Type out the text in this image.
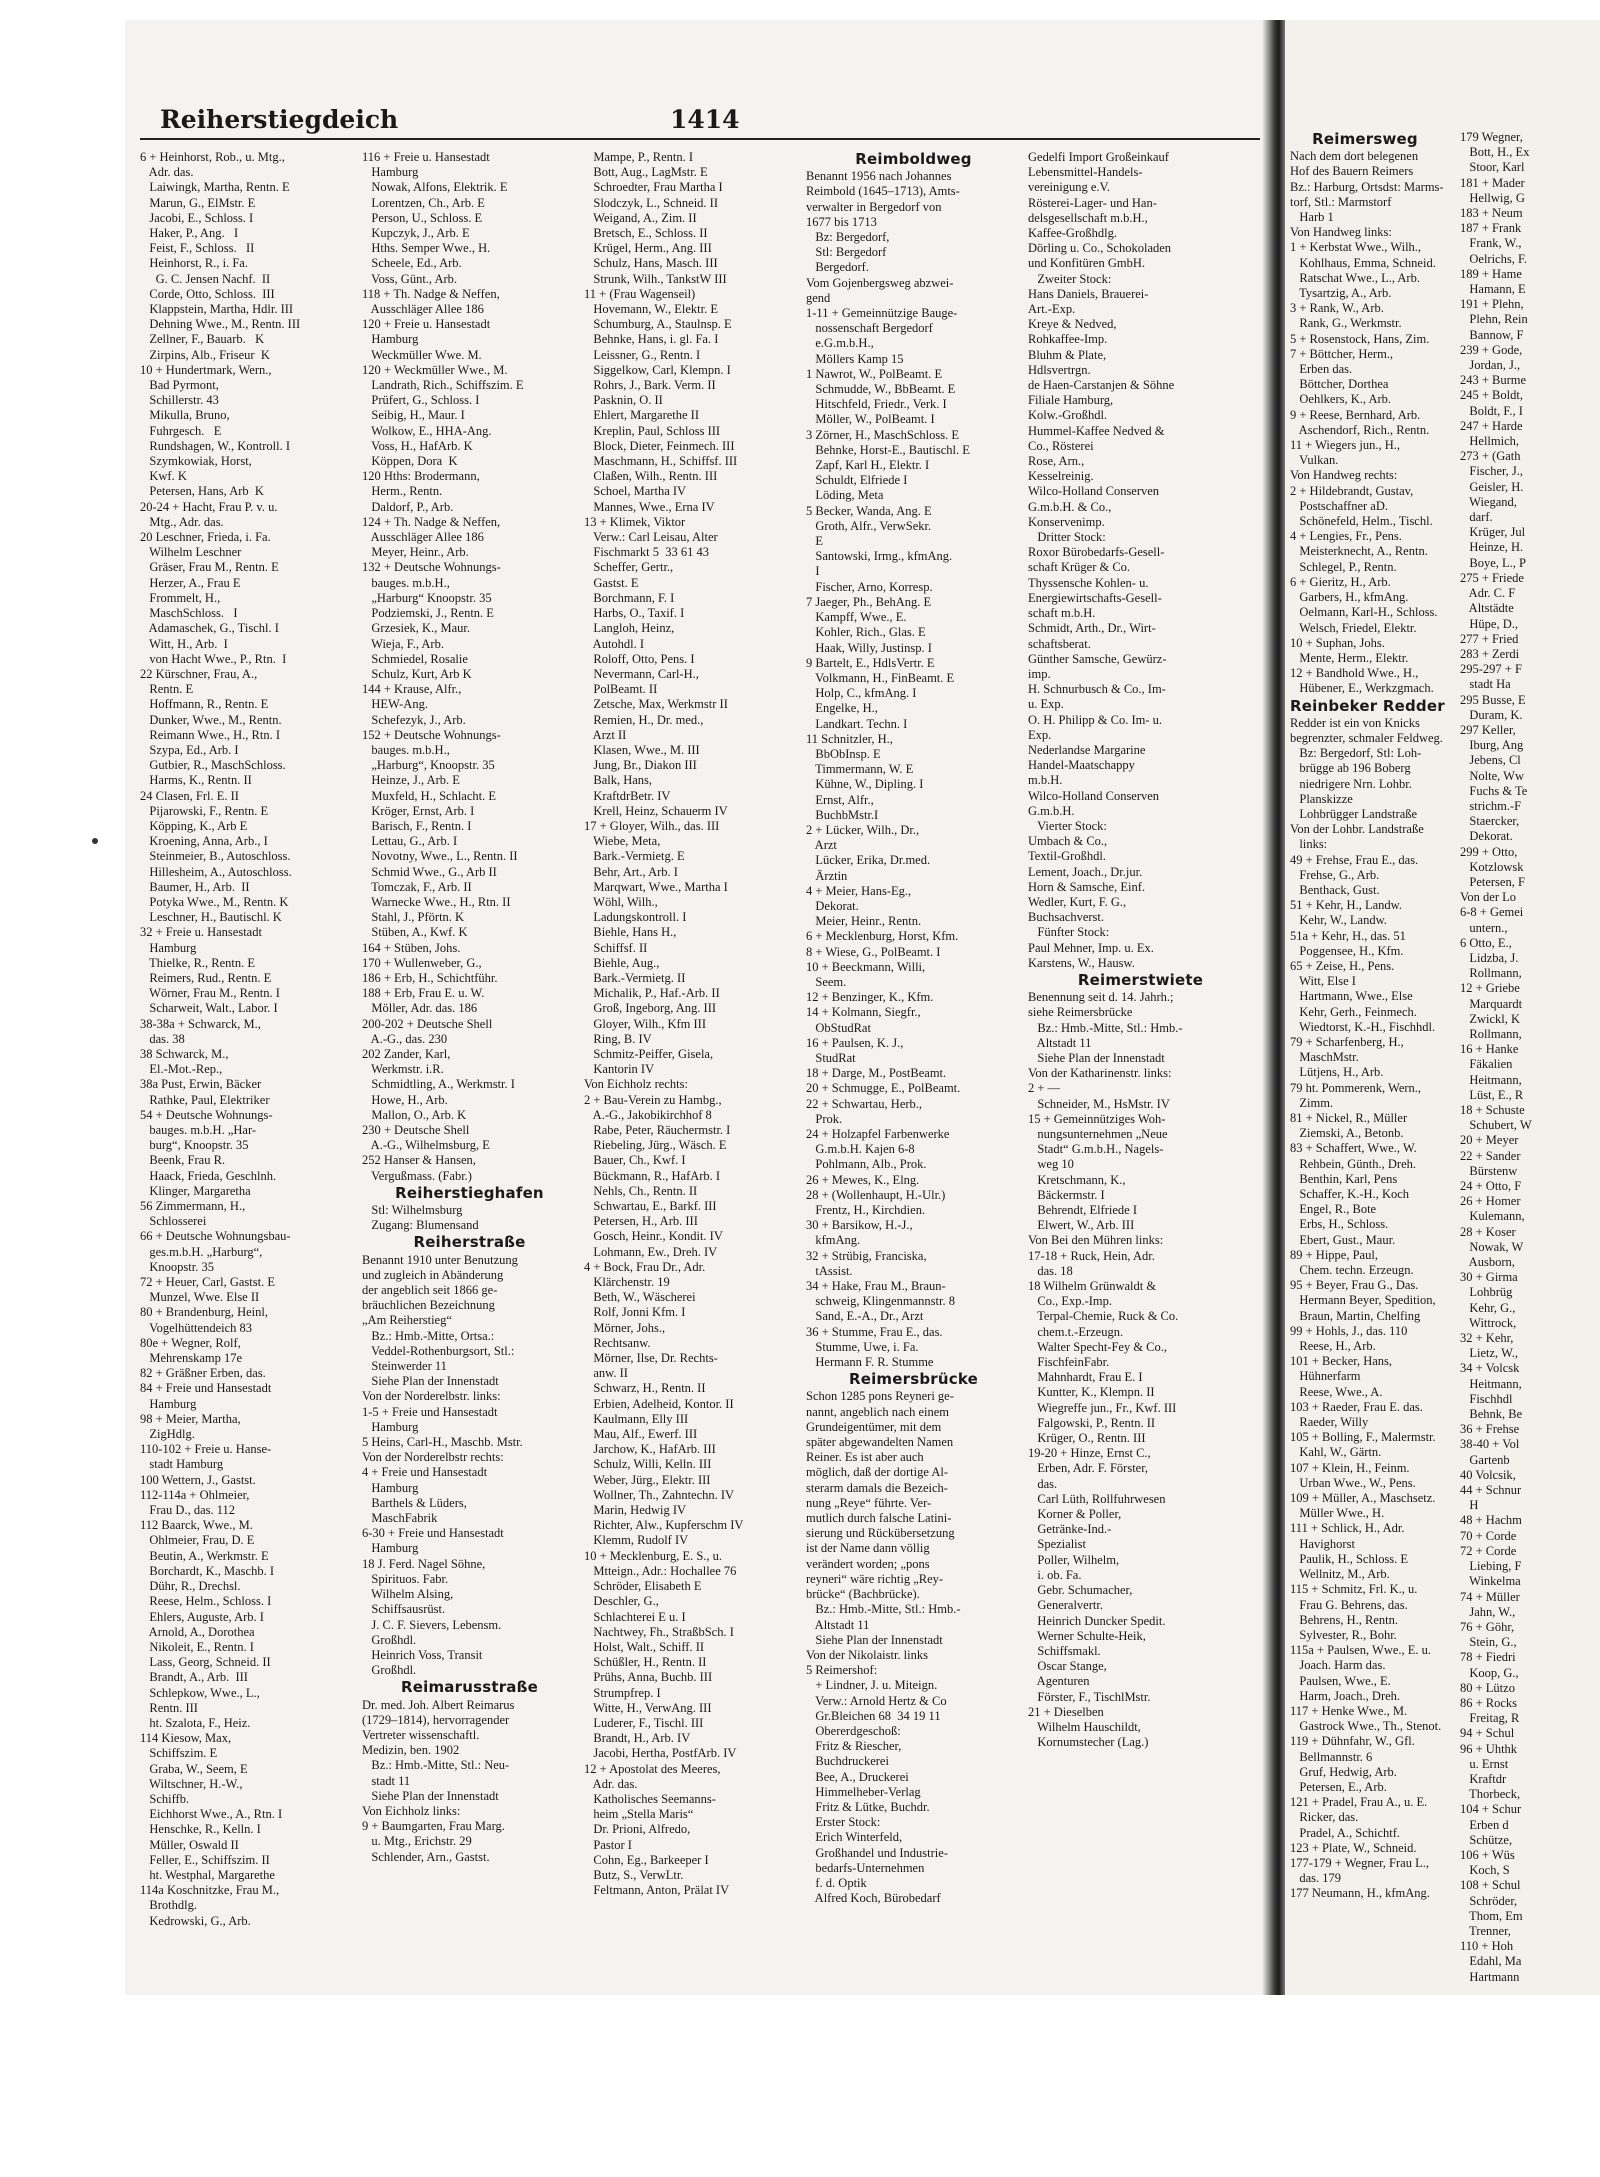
Reiherstiegdeich	1414
6 + Heinhorst, Rob., u. Mtg.,
Adr. das.
Laiwingk, Martha, Rentn. E
Marun, G., ElMstr. E
Jacobi, E., Schloss. I
Haker, P., Ang.   I
Feist, F., Schloss.   II
Heinhorst, R., i. Fa.
G. C. Jensen Nachf.  II
Corde, Otto, Schloss.  III
Klappstein, Martha, Hdlr. III
Dehning Wwe., M., Rentn. III
Zellner, F., Bauarb.   K
Zirpins, Alb., Friseur  K
10 + Hundertmark, Wern.,
Bad Pyrmont,
Schillerstr. 43
Mikulla, Bruno,
Fuhrgesch.   E
Rundshagen, W., Kontroll. I
Szymkowiak, Horst,
Kwf. K
Petersen, Hans, Arb  K
20-24 + Hacht, Frau P. v. u.
Mtg., Adr. das.
20 Leschner, Frieda, i. Fa.
Wilhelm Leschner
Gräser, Frau M., Rentn. E
Herzer, A., Frau E
Frommelt, H.,
MaschSchloss.   I
Adamaschek, G., Tischl. I
Witt, H., Arb.  I
von Hacht Wwe., P., Rtn.  I
22 Kürschner, Frau, A.,
Rentn. E
Hoffmann, R., Rentn. E
Dunker, Wwe., M., Rentn.
Reimann Wwe., H., Rtn. I
Szypa, Ed., Arb. I
Gutbier, R., MaschSchloss.
Harms, K., Rentn. II
24 Clasen, Frl. E. II
Pijarowski, F., Rentn. E
Köpping, K., Arb E
Kroening, Anna, Arb., I
Steinmeier, B., Autoschloss.
Hillesheim, A., Autoschloss.
Baumer, H., Arb.  II
Potyka Wwe., M., Rentn. K
Leschner, H., Bautischl. K
32 + Freie u. Hansestadt
Hamburg
Thielke, R., Rentn. E
Reimers, Rud., Rentn. E
Wörner, Frau M., Rentn. I
Scharweit, Walt., Labor. I
38-38a + Schwarck, M.,
das. 38
38 Schwarck, M.,
El.-Mot.-Rep.,
38a Pust, Erwin, Bäcker
Rathke, Paul, Elektriker
54 + Deutsche Wohnungs-
bauges. m.b.H. „Har-
burg“, Knoopstr. 35
Beenk, Frau R.
Haack, Frieda, Geschlnh.
Klinger, Margaretha
56 Zimmermann, H.,
Schlosserei
66 + Deutsche Wohnungsbau-
ges.m.b.H. „Harburg“,
Knoopstr. 35
72 + Heuer, Carl, Gastst. E
Munzel, Wwe. Else II
80 + Brandenburg, Heinl,
Vogelhüttendeich 83
80e + Wegner, Rolf,
Mehrenskamp 17e
82 + Gräßner Erben, das.
84 + Freie und Hansestadt
Hamburg
98 + Meier, Martha,
ZigHdlg.
110-102 + Freie u. Hanse-
stadt Hamburg
100 Wettern, J., Gastst.
112-114a + Ohlmeier,
Frau D., das. 112
112 Baarck, Wwe., M.
Ohlmeier, Frau, D. E
Beutin, A., Werkmstr. E
Borchardt, K., Maschb. I
Dühr, R., Drechsl.
Reese, Helm., Schloss. I
Ehlers, Auguste, Arb. I
Arnold, A., Dorothea
Nikoleit, E., Rentn. I
Lass, Georg, Schneid. II
Brandt, A., Arb.  III
Schlepkow, Wwe., L.,
Rentn. III
ht. Szalota, F., Heiz.
114 Kiesow, Max,
Schiffszim. E
Graba, W., Seem, E
Wiltschner, H.-W.,
Schiffb.
Eichhorst Wwe., A., Rtn. I
Henschke, R., Kelln. I
Müller, Oswald II
Feller, E., Schiffszim. II
ht. Westphal, Margarethe
114a Koschnitzke, Frau M.,
Brothdlg.
Kedrowski, G., Arb.
116 + Freie u. Hansestadt
Hamburg
Nowak, Alfons, Elektrik. E
Lorentzen, Ch., Arb. E
Person, U., Schloss. E
Kupczyk, J., Arb. E
Hths. Semper Wwe., H.
Scheele, Ed., Arb.
Voss, Günt., Arb.
118 + Th. Nadge & Neffen,
Ausschläger Allee 186
120 + Freie u. Hansestadt
Hamburg
Weckmüller Wwe. M.
120 + Weckmüller Wwe., M.
Landrath, Rich., Schiffszim. E
Prüfert, G., Schloss. I
Seibig, H., Maur. I
Wolkow, E., HHA-Ang.
Voss, H., HafArb. K
Köppen, Dora  K
120 Hths: Brodermann,
Herm., Rentn.
Daldorf, P., Arb.
124 + Th. Nadge & Neffen,
Ausschläger Allee 186
Meyer, Heinr., Arb.
132 + Deutsche Wohnungs-
bauges. m.b.H.,
„Harburg“ Knoopstr. 35
Podziemski, J., Rentn. E
Grzesiek, K., Maur.
Wieja, F., Arb.
Schmiedel, Rosalie
Schulz, Kurt, Arb K
144 + Krause, Alfr.,
HEW-Ang.
Schefezyk, J., Arb.
152 + Deutsche Wohnungs-
bauges. m.b.H.,
„Harburg“, Knoopstr. 35
Heinze, J., Arb. E
Muxfeld, H., Schlacht. E
Kröger, Ernst, Arb. I
Barisch, F., Rentn. I
Lettau, G., Arb. I
Novotny, Wwe., L., Rentn. II
Schmid Wwe., G., Arb II
Tomczak, F., Arb. II
Warnecke Wwe., H., Rtn. II
Stahl, J., Pförtn. K
Stüben, A., Kwf. K
164 + Stüben, Johs.
170 + Wullenweber, G.,
186 + Erb, H., Schichtführ.
188 + Erb, Frau E. u. W.
Möller, Adr. das. 186
200-202 + Deutsche Shell
A.-G., das. 230
202 Zander, Karl,
Werkmstr. i.R.
Schmidtling, A., Werkmstr. I
Howe, H., Arb.
Mallon, O., Arb. K
230 + Deutsche Shell
A.-G., Wilhelmsburg, E
252 Hanser & Hansen,
Vergußmass. (Fabr.)
Reiherstieghafen
Stl: Wilhelmsburg
Zugang: Blumensand
Reiherstraße
Benannt 1910 unter Benutzung
und zugleich in Abänderung
der angeblich seit 1866 ge-
bräuchlichen Bezeichnung
„Am Reiherstieg“
Bz.: Hmb.-Mitte, Ortsa.:
Veddel-Rothenburgsort, Stl.:
Steinwerder 11
Siehe Plan der Innenstadt
Von der Norderelbstr. links:
1-5 + Freie und Hansestadt
Hamburg
5 Heins, Carl-H., Maschb. Mstr.
Von der Norderelbstr rechts:
4 + Freie und Hansestadt
Hamburg
Barthels & Lüders,
MaschFabrik
6-30 + Freie und Hansestadt
Hamburg
18 J. Ferd. Nagel Söhne,
Spirituos. Fabr.
Wilhelm Alsing,
Schiffsausrüst.
J. C. F. Sievers, Lebensm.
Großhdl.
Heinrich Voss, Transit
Großhdl.
Reimarusstraße
Dr. med. Joh. Albert Reimarus
(1729–1814), hervorragender
Vertreter wissenschaftl.
Medizin, ben. 1902
Bz.: Hmb.-Mitte, Stl.: Neu-
stadt 11
Siehe Plan der Innenstadt
Von Eichholz links:
9 + Baumgarten, Frau Marg.
u. Mtg., Erichstr. 29
Schlender, Arn., Gastst.
Mampe, P., Rentn. I
Bott, Aug., LagMstr. E
Schroedter, Frau Martha I
Slodczyk, L., Schneid. II
Weigand, A., Zim. II
Bretsch, E., Schloss. II
Krügel, Herm., Ang. III
Schulz, Hans, Masch. III
Strunk, Wilh., TankstW III
11 + (Frau Wagenseil)
Hovemann, W., Elektr. E
Schumburg, A., Staulnsp. E
Behnke, Hans, i. gl. Fa. I
Leissner, G., Rentn. I
Siggelkow, Carl, Klempn. I
Rohrs, J., Bark. Verm. II
Pasknin, O. II
Ehlert, Margarethe II
Kreplin, Paul, Schloss III
Block, Dieter, Feinmech. III
Maschmann, H., Schiffsf. III
Claßen, Wilh., Rentn. III
Schoel, Martha IV
Mannes, Wwe., Erna IV
13 + Klimek, Viktor
Verw.: Carl Leisau, Alter
Fischmarkt 5  33 61 43
Scheffer, Gertr.,
Gastst. E
Borchmann, F. I
Harbs, O., Taxif. I
Langloh, Heinz,
Autohdl. I
Roloff, Otto, Pens. I
Nevermann, Carl-H.,
PolBeamt. II
Zetsche, Max, Werkmstr II
Remien, H., Dr. med.,
Arzt II
Klasen, Wwe., M. III
Jung, Br., Diakon III
Balk, Hans,
KraftdrBetr. IV
Krell, Heinz, Schauerm IV
17 + Gloyer, Wilh., das. III
Wiebe, Meta,
Bark.-Vermietg. E
Behr, Art., Arb. I
Marqwart, Wwe., Martha I
Wöhl, Wilh.,
Ladungskontroll. I
Biehle, Hans H.,
Schiffsf. II
Biehle, Aug.,
Bark.-Vermietg. II
Michalik, P., Haf.-Arb. II
Groß, Ingeborg, Ang. III
Gloyer, Wilh., Kfm III
Ring, B. IV
Schmitz-Peiffer, Gisela,
Kantorin IV
Von Eichholz rechts:
2 + Bau-Verein zu Hambg.,
A.-G., Jakobikirchhof 8
Rabe, Peter, Räuchermstr. I
Riebeling, Jürg., Wäsch. E
Bauer, Ch., Kwf. I
Bückmann, R., HafArb. I
Nehls, Ch., Rentn. II
Schwartau, E., Barkf. III
Petersen, H., Arb. III
Gosch, Heinr., Kondit. IV
Lohmann, Ew., Dreh. IV
4 + Bock, Frau Dr., Adr.
Klärchenstr. 19
Beth, W., Wäscherei
Rolf, Jonni Kfm. I
Mörner, Johs.,
Rechtsanw.
Mörner, Ilse, Dr. Rechts-
anw. II
Schwarz, H., Rentn. II
Erbien, Adelheid, Kontor. II
Kaulmann, Elly III
Mau, Alf., Ewerf. III
Jarchow, K., HafArb. III
Schulz, Willi, Kelln. III
Weber, Jürg., Elektr. III
Wollner, Th., Zahntechn. IV
Marin, Hedwig IV
Richter, Alw., Kupferschm IV
Klemm, Rudolf IV
10 + Mecklenburg, E. S., u.
Mtteign., Adr.: Hochallee 76
Schröder, Elisabeth E
Deschler, G.,
Schlachterei E u. I
Nachtwey, Fh., StraßbSch. I
Holst, Walt., Schiff. II
Schüßler, H., Rentn. II
Prühs, Anna, Buchb. III
Strumpfrep. I
Witte, H., VerwAng. III
Luderer, F., Tischl. III
Brandt, H., Arb. IV
Jacobi, Hertha, PostfArb. IV
12 + Apostolat des Meeres,
Adr. das.
Katholisches Seemanns-
heim „Stella Maris“
Dr. Prioni, Alfredo,
Pastor I
Cohn, Eg., Barkeeper I
Butz, S., VerwLtr.
Feltmann, Anton, Prälat IV
Reimboldweg
Benannt 1956 nach Johannes
Reimbold (1645–1713), Amts-
verwalter in Bergedorf von
1677 bis 1713
Bz: Bergedorf,
Stl: Bergedorf
Bergedorf.
Vom Gojenbergsweg abzwei-
gend
1-11 + Gemeinnützige Bauge-
nossenschaft Bergedorf
e.G.m.b.H.,
Möllers Kamp 15
1 Nawrot, W., PolBeamt. E
Schmudde, W., BbBeamt. E
Hitschfeld, Friedr., Verk. I
Möller, W., PolBeamt. I
3 Zörner, H., MaschSchloss. E
Behnke, Horst-E., Bautischl. E
Zapf, Karl H., Elektr. I
Schuldt, Elfriede I
Löding, Meta
5 Becker, Wanda, Ang. E
Groth, Alfr., VerwSekr.
E
Santowski, Irmg., kfmAng.
I
Fischer, Arno, Korresp.
7 Jaeger, Ph., BehAng. E
Kampff, Wwe., E.
Kohler, Rich., Glas. E
Haak, Willy, Justinsp. I
9 Bartelt, E., HdlsVertr. E
Volkmann, H., FinBeamt. E
Holp, C., kfmAng. I
Engelke, H.,
Landkart. Techn. I
11 Schnitzler, H.,
BbObInsp. E
Timmermann, W. E
Kühne, W., Dipling. I
Ernst, Alfr.,
BuchbMstr.I
2 + Lücker, Wilh., Dr.,
Arzt
Lücker, Erika, Dr.med.
Ärztin
4 + Meier, Hans-Eg.,
Dekorat.
Meier, Heinr., Rentn.
6 + Mecklenburg, Horst, Kfm.
8 + Wiese, G., PolBeamt. I
10 + Beeckmann, Willi,
Seem.
12 + Benzinger, K., Kfm.
14 + Kolmann, Siegfr.,
ObStudRat
16 + Paulsen, K. J.,
StudRat
18 + Darge, M., PostBeamt.
20 + Schmugge, E., PolBeamt.
22 + Schwartau, Herb.,
Prok.
24 + Holzapfel Farbenwerke
G.m.b.H. Kajen 6-8
Pohlmann, Alb., Prok.
26 + Mewes, K., Elng.
28 + (Wollenhaupt, H.-Ulr.)
Frentz, H., Kirchdien.
30 + Barsikow, H.-J.,
kfmAng.
32 + Strübig, Franciska,
tAssist.
34 + Hake, Frau M., Braun-
schweig, Klingenmannstr. 8
Sand, E.-A., Dr., Arzt
36 + Stumme, Frau E., das.
Stumme, Uwe, i. Fa.
Hermann F. R. Stumme
Reimersbrücke
Schon 1285 pons Reyneri ge-
nannt, angeblich nach einem
Grundeigentümer, mit dem
später abgewandelten Namen
Reiner. Es ist aber auch
möglich, daß der dortige Al-
sterarm damals die Bezeich-
nung „Reye“ führte. Ver-
mutlich durch falsche Latini-
sierung und Rückübersetzung
ist der Name dann völlig
verändert worden; „pons
reyneri“ wäre richtig „Rey-
brücke“ (Bachbrücke).
Bz.: Hmb.-Mitte, Stl.: Hmb.-
Altstadt 11
Siehe Plan der Innenstadt
Von der Nikolaistr. links
5 Reimershof:
+ Lindner, J. u. Miteign.
Verw.: Arnold Hertz & Co
Gr.Bleichen 68  34 19 11
Obererdgeschoß:
Fritz & Riescher,
Buchdruckerei
Bee, A., Druckerei
Himmelheber-Verlag
Fritz & Lütke, Buchdr.
Erster Stock:
Erich Winterfeld,
Großhandel und Industrie-
bedarfs-Unternehmen
f. d. Optik
Alfred Koch, Bürobedarf
Gedelfi Import Großeinkauf
Lebensmittel-Handels-
vereinigung e.V.
Rösterei-Lager- und Han-
delsgesellschaft m.b.H.,
Kaffee-Großhdlg.
Dörling u. Co., Schokoladen
und Konfitüren GmbH.
Zweiter Stock:
Hans Daniels, Brauerei-
Art.-Exp.
Kreye & Nedved,
Rohkaffee-Imp.
Bluhm & Plate,
Hdlsvertrgn.
de Haen-Carstanjen & Söhne
Filiale Hamburg,
Kolw.-Großhdl.
Hummel-Kaffee Nedved &
Co., Rösterei
Rose, Arn.,
Kesselreinig.
Wilco-Holland Conserven
G.m.b.H. & Co.,
Konservenimp.
Dritter Stock:
Roxor Bürobedarfs-Gesell-
schaft Krüger & Co.
Thyssensche Kohlen- u.
Energiewirtschafts-Gesell-
schaft m.b.H.
Schmidt, Arth., Dr., Wirt-
schaftsberat.
Günther Samsche, Gewürz-
imp.
H. Schnurbusch & Co., Im-
u. Exp.
O. H. Philipp & Co. Im- u.
Exp.
Nederlandse Margarine
Handel-Maatschappy
m.b.H.
Wilco-Holland Conserven
G.m.b.H.
Vierter Stock:
Umbach & Co.,
Textil-Großhdl.
Lement, Joach., Dr.jur.
Horn & Samsche, Einf.
Wedler, Kurt, F. G.,
Buchsachverst.
Fünfter Stock:
Paul Mehner, Imp. u. Ex.
Karstens, W., Hausw.
Reimerstwiete
Benennung seit d. 14. Jahrh.;
siehe Reimersbrücke
Bz.: Hmb.-Mitte, Stl.: Hmb.-
Altstadt 11
Siehe Plan der Innenstadt
Von der Katharinenstr. links:
2 + —
Schneider, M., HsMstr. IV
15 + Gemeinnütziges Woh-
nungsunternehmen „Neue
Stadt“ G.m.b.H., Nagels-
weg 10
Kretschmann, K.,
Bäckermstr. I
Behrendt, Elfriede I
Elwert, W., Arb. III
Von Bei den Mühren links:
17-18 + Ruck, Hein, Adr.
das. 18
18 Wilhelm Grünwaldt &
Co., Exp.-Imp.
Terpal-Chemie, Ruck & Co.
chem.t.-Erzeugn.
Walter Specht-Fey & Co.,
FischfeinFabr.
Mahnhardt, Frau E. I
Kuntter, K., Klempn. II
Wiegreffe jun., Fr., Kwf. III
Falgowski, P., Rentn. II
Krüger, O., Rentn. III
19-20 + Hinze, Ernst C.,
Erben, Adr. F. Förster,
das.
Carl Lüth, Rollfuhrwesen
Korner & Poller,
Getränke-Ind.-
Spezialist
Poller, Wilhelm,
i. ob. Fa.
Gebr. Schumacher,
Generalvertr.
Heinrich Duncker Spedit.
Werner Schulte-Heik,
Schiffsmakl.
Oscar Stange,
Agenturen
Förster, F., TischlMstr.
21 + Dieselben
Wilhelm Hauschildt,
Kornumstecher (Lag.)
Reimersweg
Nach dem dort belegenen
Hof des Bauern Reimers
Bz.: Harburg, Ortsdst: Marms-
torf, Stl.: Marmstorf
Harb 1
Von Handweg links:
1 + Kerbstat Wwe., Wilh.,
Kohlhaus, Emma, Schneid.
Ratschat Wwe., L., Arb.
Tysartzig, A., Arb.
3 + Rank, W., Arb.
Rank, G., Werkmstr.
5 + Rosenstock, Hans, Zim.
7 + Böttcher, Herm.,
Erben das.
Böttcher, Dorthea
Oehlkers, K., Arb.
9 + Reese, Bernhard, Arb.
Aschendorf, Rich., Rentn.
11 + Wiegers jun., H.,
Vulkan.
Von Handweg rechts:
2 + Hildebrandt, Gustav,
Postschaffner aD.
Schönefeld, Helm., Tischl.
4 + Lengies, Fr., Pens.
Meisterknecht, A., Rentn.
Schlegel, P., Rentn.
6 + Gieritz, H., Arb.
Garbers, H., kfmAng.
Oelmann, Karl-H., Schloss.
Welsch, Friedel, Elektr.
10 + Suphan, Johs.
Mente, Herm., Elektr.
12 + Bandhold Wwe., H.,
Hübener, E., Werkzgmach.
Reinbeker Redder
Redder ist ein von Knicks
begrenzter, schmaler Feldweg.
Bz: Bergedorf, Stl: Loh-
brügge ab 196 Boberg
niedrigere Nrn. Lohbr.
Planskizze
Lohbrügger Landstraße
Von der Lohbr. Landstraße
links:
49 + Frehse, Frau E., das.
Frehse, G., Arb.
Benthack, Gust.
51 + Kehr, H., Landw.
Kehr, W., Landw.
51a + Kehr, H., das. 51
Poggensee, H., Kfm.
65 + Zeise, H., Pens.
Witt, Else I
Hartmann, Wwe., Else
Kehr, Gerh., Feinmech.
Wiedtorst, K.-H., Fischhdl.
79 + Scharfenberg, H.,
MaschMstr.
Lütjens, H., Arb.
79 ht. Pommerenk, Wern.,
Zimm.
81 + Nickel, R., Müller
Ziemski, A., Betonb.
83 + Schaffert, Wwe., W.
Rehbein, Günth., Dreh.
Benthin, Karl, Pens
Schaffer, K.-H., Koch
Engel, R., Bote
Erbs, H., Schloss.
Ebert, Gust., Maur.
89 + Hippe, Paul,
Chem. techn. Erzeugn.
95 + Beyer, Frau G., Das.
Hermann Beyer, Spedition,
Braun, Martin, Chelfing
99 + Hohls, J., das. 110
Reese, H., Arb.
101 + Becker, Hans,
Hühnerfarm
Reese, Wwe., A.
103 + Raeder, Frau E. das.
Raeder, Willy
105 + Bolling, F., Malermstr.
Kahl, W., Gärtn.
107 + Klein, H., Feinm.
Urban Wwe., W., Pens.
109 + Müller, A., Maschsetz.
Müller Wwe., H.
111 + Schlick, H., Adr.
Havighorst
Paulik, H., Schloss. E
Wellnitz, M., Arb.
115 + Schmitz, Frl. K., u.
Frau G. Behrens, das.
Behrens, H., Rentn.
Sylvester, R., Bohr.
115a + Paulsen, Wwe., E. u.
Joach. Harm das.
Paulsen, Wwe., E.
Harm, Joach., Dreh.
117 + Henke Wwe., M.
Gastrock Wwe., Th., Stenot.
119 + Dühnfahr, W., Gfl.
Bellmannstr. 6
Gruf, Hedwig, Arb.
Petersen, E., Arb.
121 + Pradel, Frau A., u. E.
Ricker, das.
Pradel, A., Schichtf.
123 + Plate, W., Schneid.
177-179 + Wegner, Frau L.,
das. 179
177 Neumann, H., kfmAng.
179 Wegner,
Bott, H., Ex
Stoor, Karl
181 + Mader
Hellwig, G
183 + Neum
187 + Frank
Frank, W.,
Oelrichs, F.
189 + Hame
Hamann, E
191 + Plehn,
Plehn, Rein
Bannow, F
239 + Gode,
Jordan, J.,
243 + Burme
245 + Boldt,
Boldt, F., I
247 + Harde
Hellmich,
273 + (Gath
Fischer, J.,
Geisler, H.
Wiegand,
darf.
Krüger, Jul
Heinze, H.
Boye, L., P
275 + Friede
Adr. C. F
Altstädte
Hüpe, D.,
277 + Fried
283 + Zerdi
295-297 + F
stadt Ha
295 Busse, E
Duram, K.
297 Keller,
Iburg, Ang
Jebens, Cl
Nolte, Ww
Fuchs & Te
strichm.-F
Staercker,
Dekorat.
299 + Otto,
Kotzlowsk
Petersen, F
Von der Lo
6-8 + Gemei
untern.,
6 Otto, E.,
Lidzba, J.
Rollmann,
12 + Griebe
Marquardt
Zwickl, K
Rollmann,
16 + Hanke
Fäkalien
Heitmann,
Lüst, E., R
18 + Schuste
Schubert, W
20 + Meyer
22 + Sander
Bürstenw
24 + Otto, F
26 + Homer
Kulemann,
28 + Koser
Nowak, W
Ausborn,
30 + Girma
Lohbrüg
Kehr, G.,
Wittrock,
32 + Kehr,
Lietz, W.,
34 + Volcsk
Heitmann,
Fischhdl
Behnk, Be
36 + Frehse
38-40 + Vol
Gartenb
40 Volcsik,
44 + Schnur
H
48 + Hachm
70 + Corde
72 + Corde
Liebing, F
Winkelma
74 + Müller
Jahn, W.,
76 + Göhr,
Stein, G.,
78 + Fiedri
Koop, G.,
80 + Lützo
86 + Rocks
Freitag, R
94 + Schul
96 + Uhthk
u. Ernst
Kraftdr
Thorbeck,
104 + Schur
Erben d
Schütze,
106 + Wüs
Koch, S
108 + Schul
Schröder,
Thom, Em
Trenner,
110 + Hoh
Edahl, Ma
Hartmann
